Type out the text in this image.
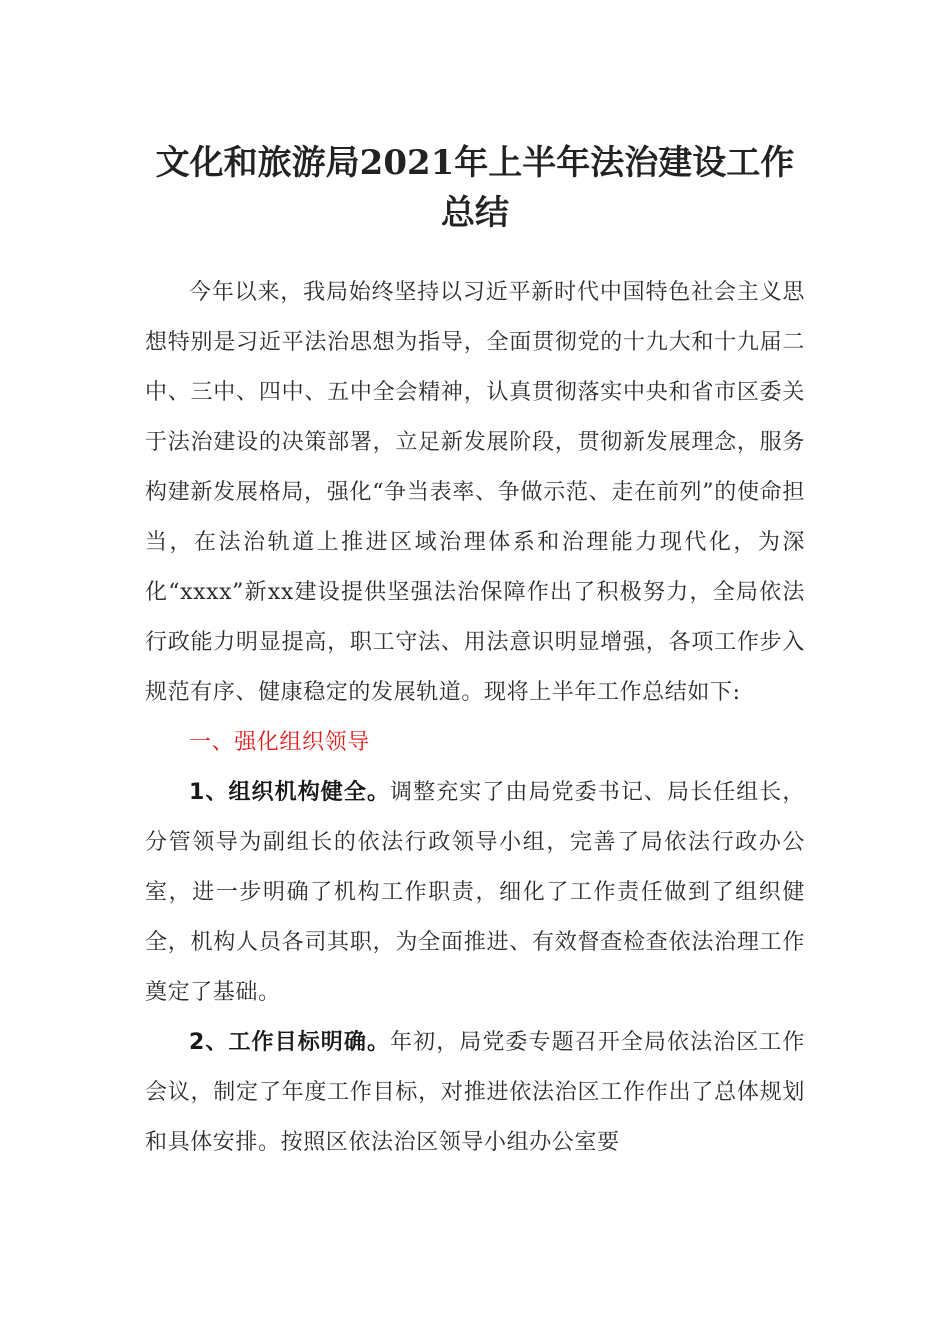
文化和旅游局2021年上半年法治建设工作
总结

今年以来，我局始终坚持以习近平新时代中国特色社会主义思想特别是习近平法治思想为指导，全面贯彻党的十九大和十九届二中、三中、四中、五中全会精神，认真贯彻落实中央和省市区委关于法治建设的决策部署，立足新发展阶段，贯彻新发展理念，服务构建新发展格局，强化“争当表率、争做示范、走在前列”的使命担当，在法治轨道上推进区域治理体系和治理能力现代化，为深化“xxxx”新xx建设提供坚强法治保障作出了积极努力，全局依法行政能力明显提高，职工守法、用法意识明显增强，各项工作步入规范有序、健康稳定的发展轨道。现将上半年工作总结如下:

一、强化组织领导

1、组织机构健全。调整充实了由局党委书记、局长任组长，分管领导为副组长的依法行政领导小组，完善了局依法行政办公室，进一步明确了机构工作职责，细化了工作责任做到了组织健全，机构人员各司其职，为全面推进、有效督查检查依法治理工作奠定了基础。

2、工作目标明确。年初，局党委专题召开全局依法治区工作会议，制定了年度工作目标，对推进依法治区工作作出了总体规划和具体安排。按照区依法治区领导小组办公室要
